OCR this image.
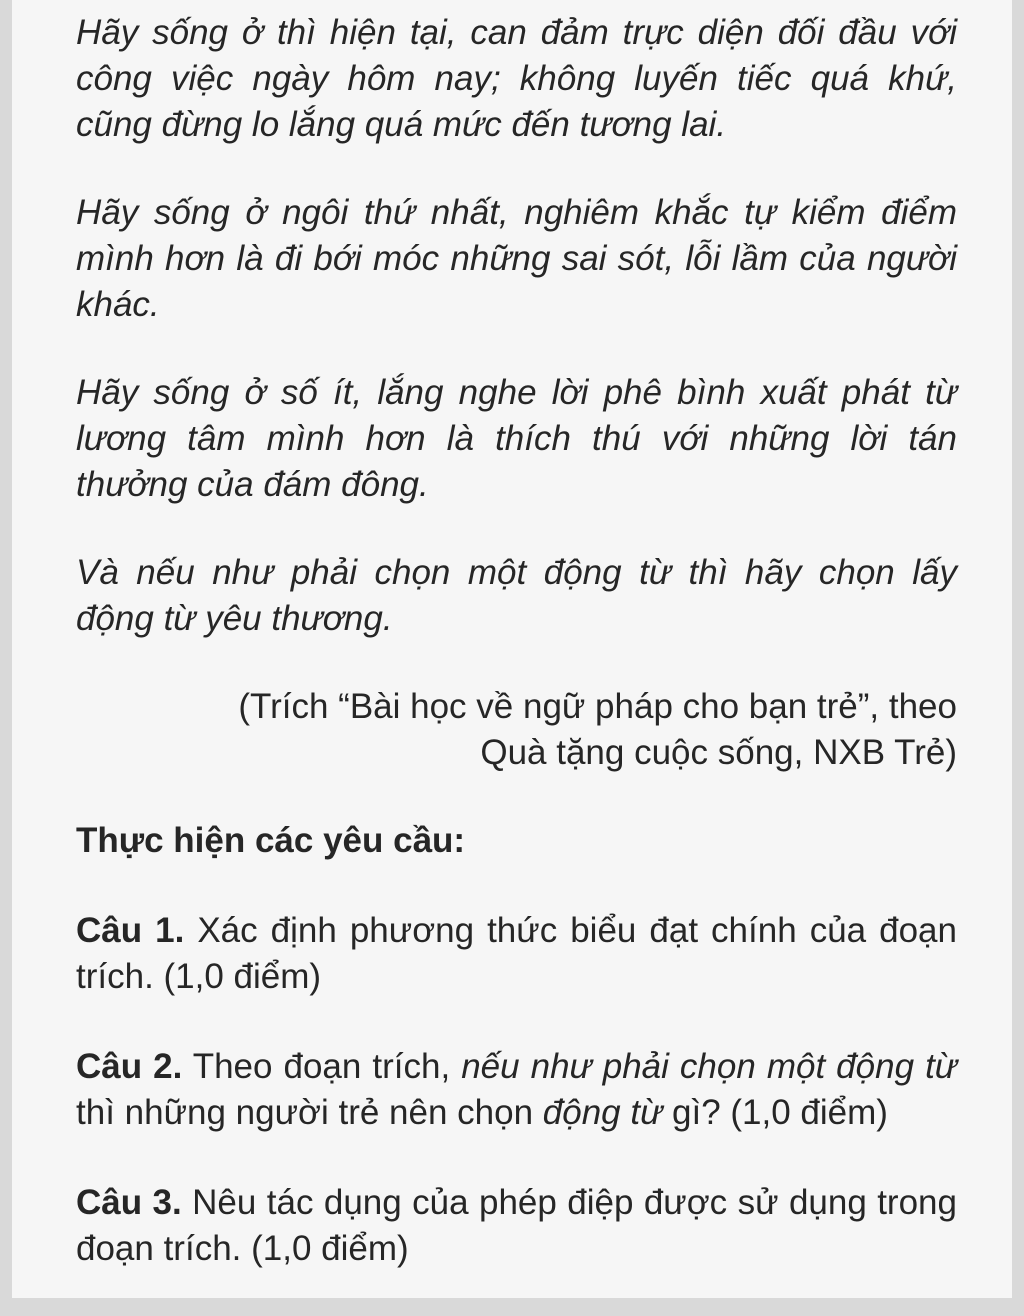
Hãy sống ở thì hiện tại, can đảm trực diện đối đầu với công việc ngày hôm nay; không luyến tiếc quá khứ, cũng đừng lo lắng quá mức đến tương lai.

Hãy sống ở ngôi thứ nhất, nghiêm khắc tự kiểm điểm mình hơn là đi bới móc những sai sót, lỗi lầm của người khác.

Hãy sống ở số ít, lắng nghe lời phê bình xuất phát từ lương tâm mình hơn là thích thú với những lời tán thưởng của đám đông.

Và nếu như phải chọn một động từ thì hãy chọn lấy động từ yêu thương.

(Trích “Bài học về ngữ pháp cho bạn trẻ”, theo
Quà tặng cuộc sống, NXB Trẻ)

Thực hiện các yêu cầu:

Câu 1. Xác định phương thức biểu đạt chính của đoạn trích. (1,0 điểm)

Câu 2. Theo đoạn trích, nếu như phải chọn một động từ thì những người trẻ nên chọn động từ gì? (1,0 điểm)

Câu 3. Nêu tác dụng của phép điệp được sử dụng trong đoạn trích. (1,0 điểm)
